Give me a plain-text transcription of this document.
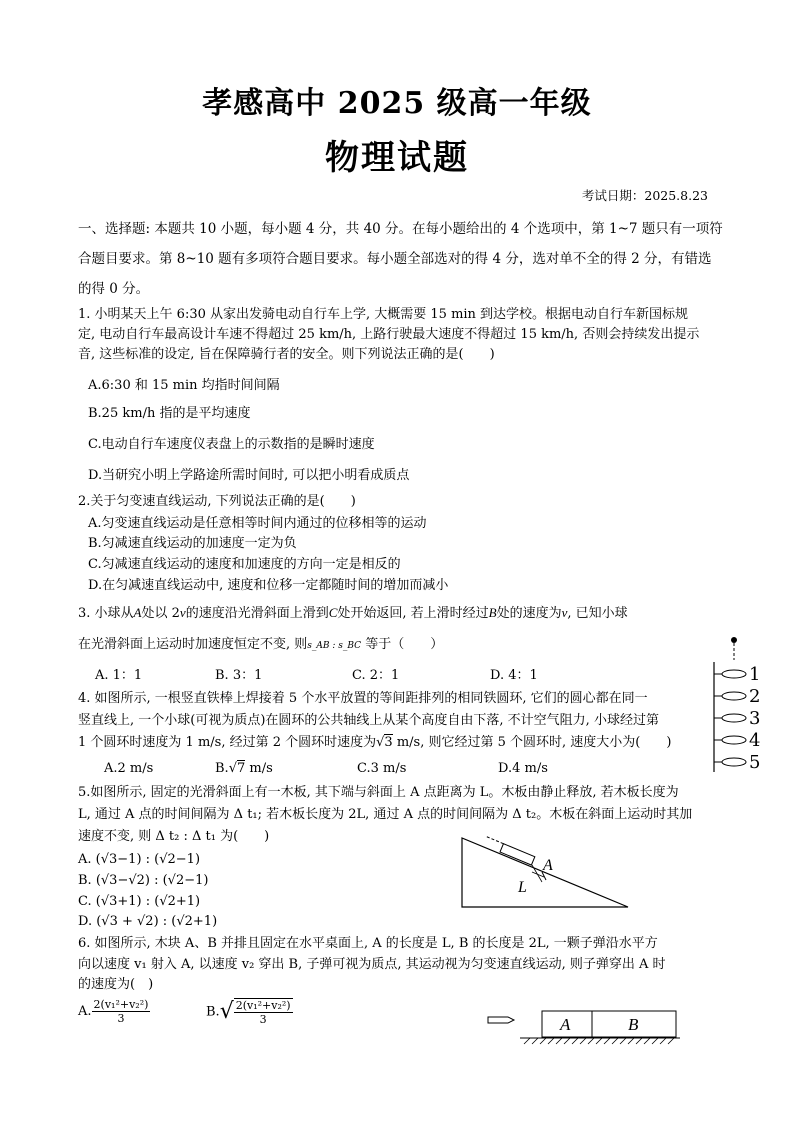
孝感高中 2025 级高一年级
物理试题
考试日期：2025.8.23
一、选择题: 本题共 10 小题，每小题 4 分，共 40 分。在每小题给出的 4 个选项中，第 1~7 题只有一项符
合题目要求。第 8~10 题有多项符合题目要求。每小题全部选对的得 4 分，选对单不全的得 2 分，有错选
的得 0 分。
1. 小明某天上午 6:30 从家出发骑电动自行车上学, 大概需要 15 min 到达学校。根据电动自行车新国标规
定, 电动自行车最高设计车速不得超过 25 km/h, 上路行驶最大速度不得超过 15 km/h, 否则会持续发出提示
音, 这些标准的设定, 旨在保障骑行者的安全。则下列说法正确的是(　　)
A.6:30 和 15 min 均指时间间隔
B.25 km/h 指的是平均速度
C.电动自行车速度仪表盘上的示数指的是瞬时速度
D.当研究小明上学路途所需时间时, 可以把小明看成质点
2.关于匀变速直线运动, 下列说法正确的是(　　)
A.匀变速直线运动是任意相等时间内通过的位移相等的运动
B.匀减速直线运动的加速度一定为负
C.匀减速直线运动的速度和加速度的方向一定是相反的
D.在匀减速直线运动中, 速度和位移一定都随时间的增加而减小
3. 小球从A处以 2v的速度沿光滑斜面上滑到C处开始返回, 若上滑时经过B处的速度为v, 已知小球
在光滑斜面上运动时加速度恒定不变, 则s_AB : s_BC 等于（　　）
A. 1：1	B. 3：1	C. 2：1	D. 4：1
4. 如图所示, 一根竖直铁棒上焊接着 5 个水平放置的等间距排列的相同铁圆环, 它们的圆心都在同一
竖直线上, 一个小球(可视为质点)在圆环的公共轴线上从某个高度自由下落, 不计空气阻力, 小球经过第
1 个圆环时速度为 1 m/s, 经过第 2 个圆环时速度为√3 m/s, 则它经过第 5 个圆环时, 速度大小为(　　)
A.2 m/s	B.√7 m/s	C.3 m/s	D.4 m/s
1
2
3
4
5
5.如图所示, 固定的光滑斜面上有一木板, 其下端与斜面上 A 点距离为 L。木板由静止释放, 若木板长度为
L, 通过 A 点的时间间隔为 Δ t₁; 若木板长度为 2L, 通过 A 点的时间间隔为 Δ t₂。木板在斜面上运动时其加
速度不变, 则 Δ t₂ : Δ t₁ 为(　　)
A. (√3−1) : (√2−1)
B. (√3−√2) : (√2−1)
C. (√3+1) : (√2+1)
D. (√3 + √2) : (√2+1)
A
L
6. 如图所示, 木块 A、B 并排且固定在水平桌面上, A 的长度是 L, B 的长度是 2L, 一颗子弹沿水平方
向以速度 v₁ 射入 A, 以速度 v₂ 穿出 B, 子弹可视为质点, 其运动视为匀变速直线运动, 则子弹穿出 A 时
的速度为(　)
A. $\frac{\text{2(v₁²+v₂²)}}{3}$	$B.√ \frac{\text{2(v₁²+v₂²)}}{3}$	A	B
